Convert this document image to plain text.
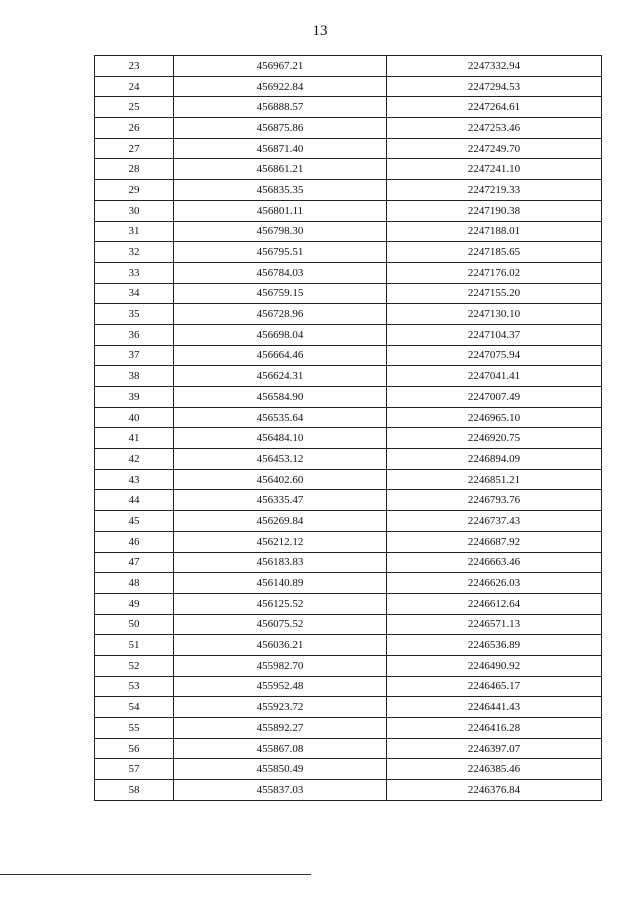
13
23	456967.21	2247332.94
24	456922.84	2247294.53
25	456888.57	2247264.61
26	456875.86	2247253.46
27	456871.40	2247249.70
28	456861.21	2247241.10
29	456835.35	2247219.33
30	456801.11	2247190.38
31	456798.30	2247188.01
32	456795.51	2247185.65
33	456784.03	2247176.02
34	456759.15	2247155.20
35	456728.96	2247130.10
36	456698.04	2247104.37
37	456664.46	2247075.94
38	456624.31	2247041.41
39	456584.90	2247007.49
40	456535.64	2246965.10
41	456484.10	2246920.75
42	456453.12	2246894.09
43	456402.60	2246851.21
44	456335.47	2246793.76
45	456269.84	2246737.43
46	456212.12	2246687.92
47	456183.83	2246663.46
48	456140.89	2246626.03
49	456125.52	2246612.64
50	456075.52	2246571.13
51	456036.21	2246536.89
52	455982.70	2246490.92
53	455952.48	2246465.17
54	455923.72	2246441.43
55	455892.27	2246416.28
56	455867.08	2246397.07
57	455850.49	2246385.46
58	455837.03	2246376.84
